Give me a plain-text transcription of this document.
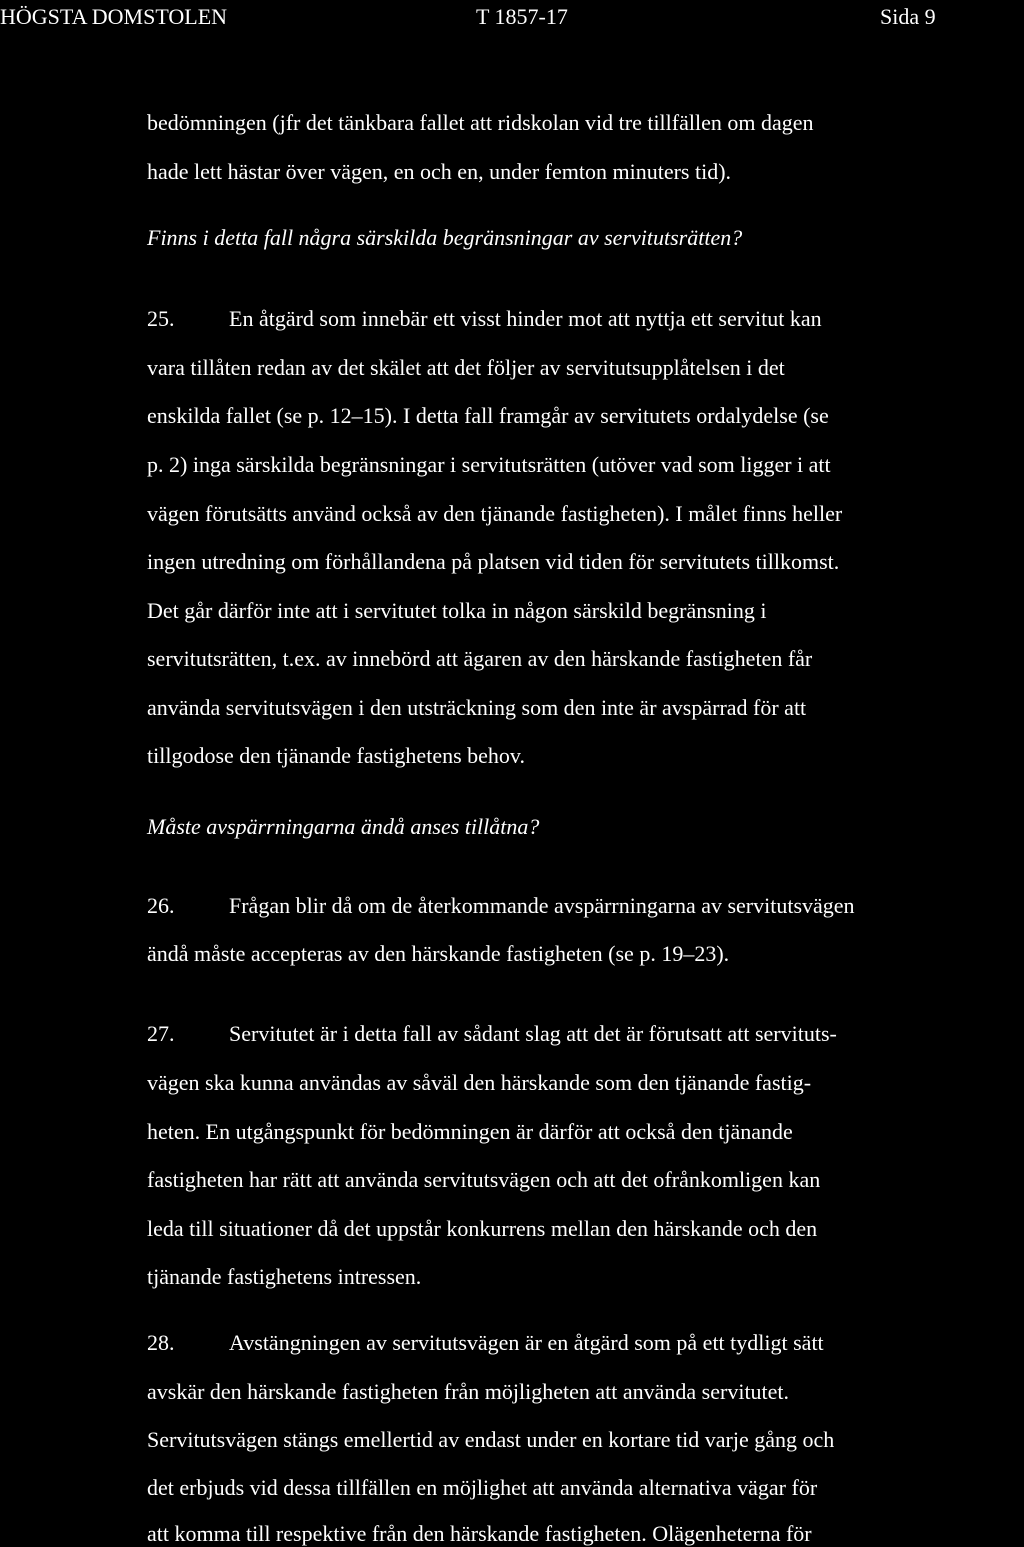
HÖGSTA DOMSTOLEN	T 1857-17	Sida 9
bedömningen (jfr det tänkbara fallet att ridskolan vid tre tillfällen om dagen
hade lett hästar över vägen, en och en, under femton minuters tid).
Finns i detta fall några särskilda begränsningar av servitutsrätten?
25. En åtgärd som innebär ett visst hinder mot att nyttja ett servitut kan
vara tillåten redan av det skälet att det följer av servitutsupplåtelsen i det
enskilda fallet (se p. 12–15). I detta fall framgår av servitutets ordalydelse (se
p. 2) inga särskilda begränsningar i servitutsrätten (utöver vad som ligger i att
vägen förutsätts använd också av den tjänande fastigheten). I målet finns heller
ingen utredning om förhållandena på platsen vid tiden för servitutets tillkomst.
Det går därför inte att i servitutet tolka in någon särskild begränsning i
servitutsrätten, t.ex. av innebörd att ägaren av den härskande fastigheten får
använda servitutsvägen i den utsträckning som den inte är avspärrad för att
tillgodose den tjänande fastighetens behov.
Måste avspärrningarna ändå anses tillåtna?
26. Frågan blir då om de återkommande avspärrningarna av servitutsvägen
ändå måste accepteras av den härskande fastigheten (se p. 19–23).
27. Servitutet är i detta fall av sådant slag att det är förutsatt att servituts-
vägen ska kunna användas av såväl den härskande som den tjänande fastig-
heten. En utgångspunkt för bedömningen är därför att också den tjänande
fastigheten har rätt att använda servitutsvägen och att det ofrånkomligen kan
leda till situationer då det uppstår konkurrens mellan den härskande och den
tjänande fastighetens intressen.
28. Avstängningen av servitutsvägen är en åtgärd som på ett tydligt sätt
avskär den härskande fastigheten från möjligheten att använda servitutet.
Servitutsvägen stängs emellertid av endast under en kortare tid varje gång och
det erbjuds vid dessa tillfällen en möjlighet att använda alternativa vägar för
att komma till respektive från den härskande fastigheten. Olägenheterna för
